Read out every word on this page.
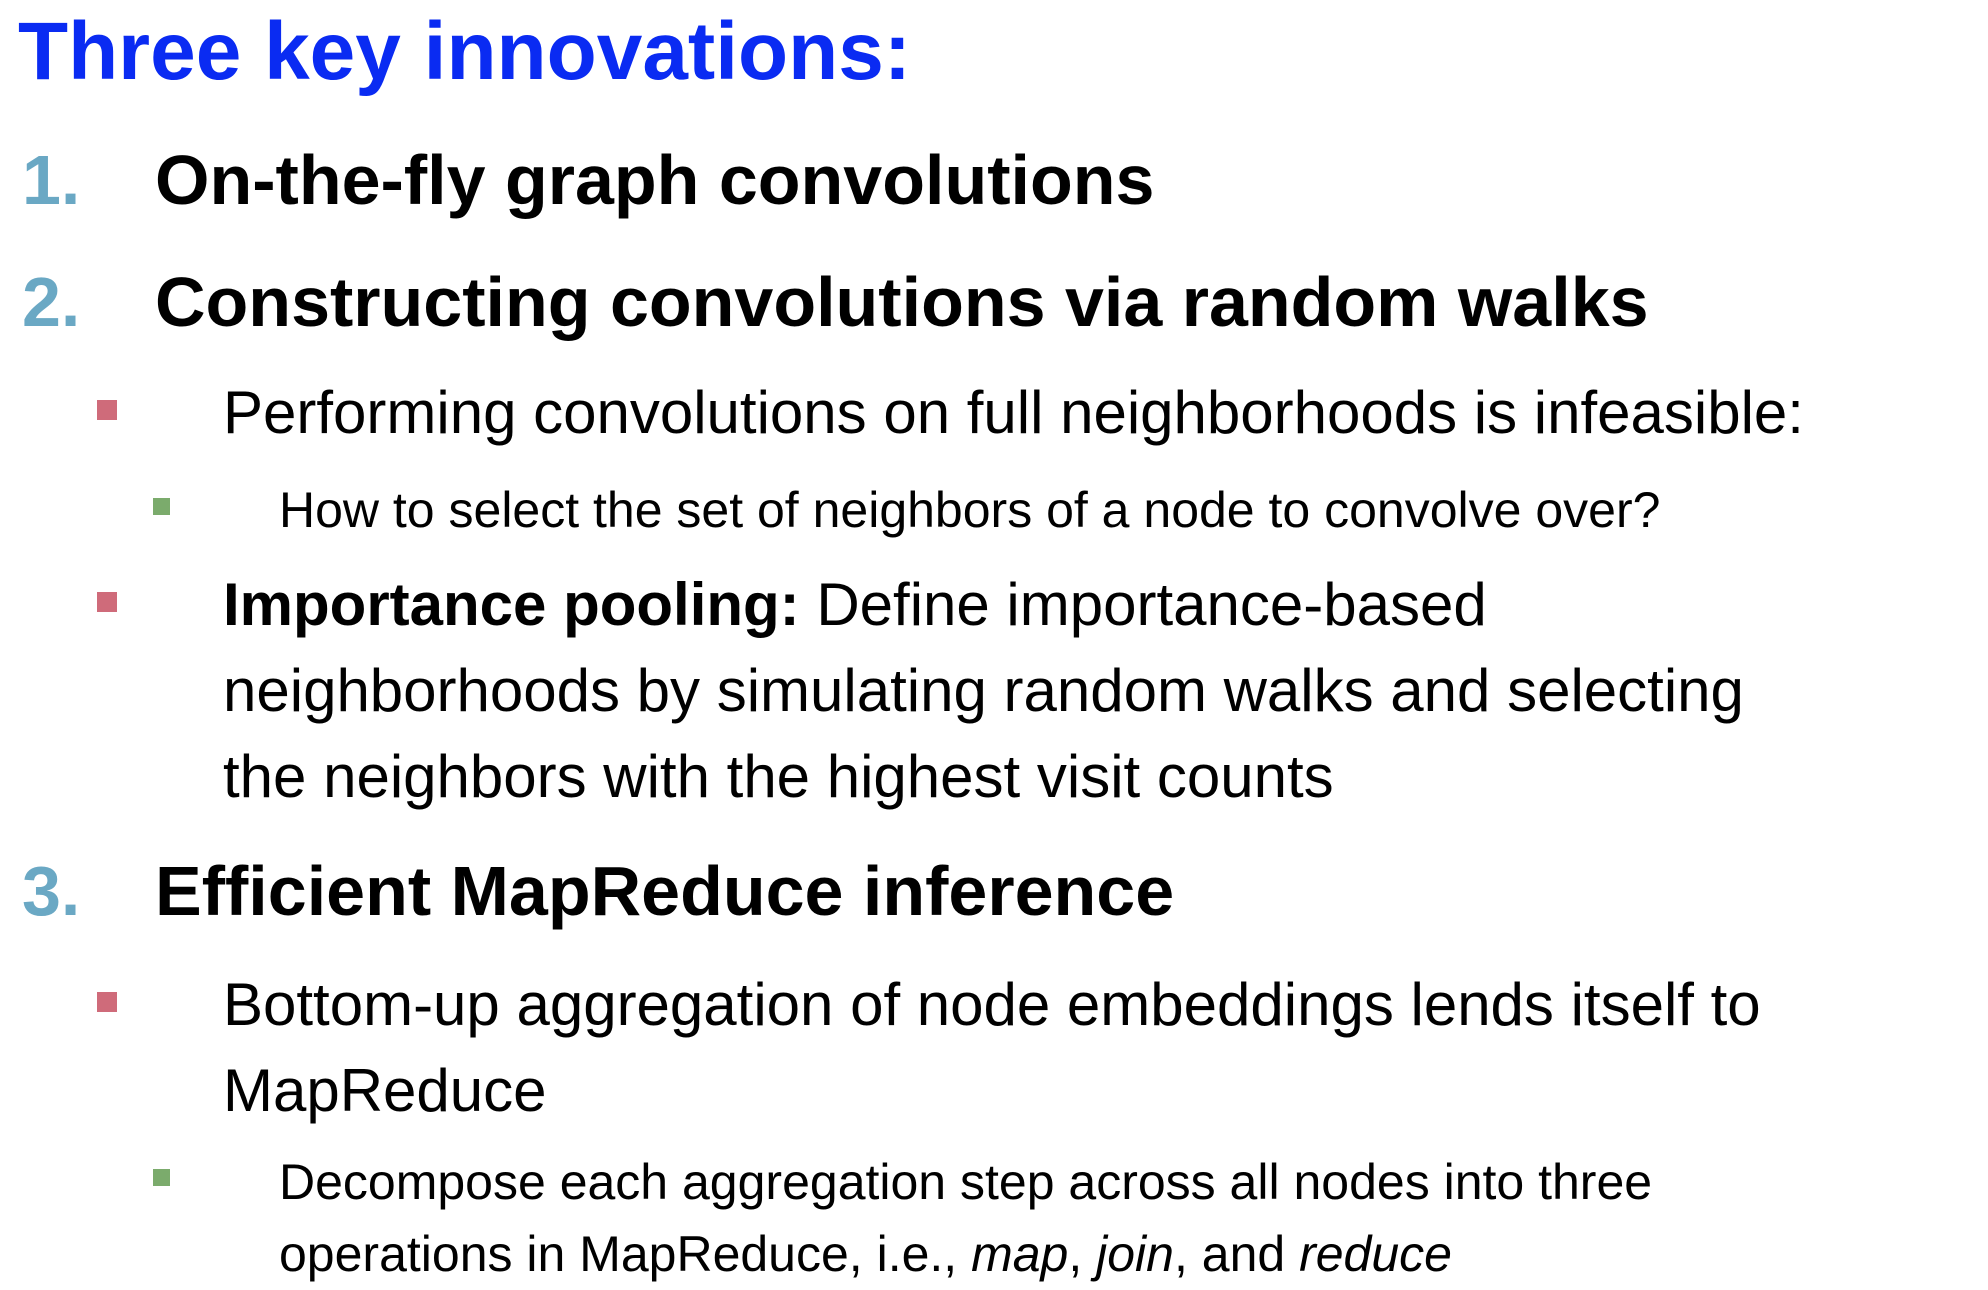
Three key innovations:
1. On-the-fly graph convolutions
2. Constructing convolutions via random walks
Performing convolutions on full neighborhoods is infeasible:
How to select the set of neighbors of a node to convolve over?
Importance pooling: Define importance-based
neighborhoods by simulating random walks and selecting
the neighbors with the highest visit counts
3. Efficient MapReduce inference
Bottom-up aggregation of node embeddings lends itself to
MapReduce
Decompose each aggregation step across all nodes into three
operations in MapReduce, i.e., map, join, and reduce
